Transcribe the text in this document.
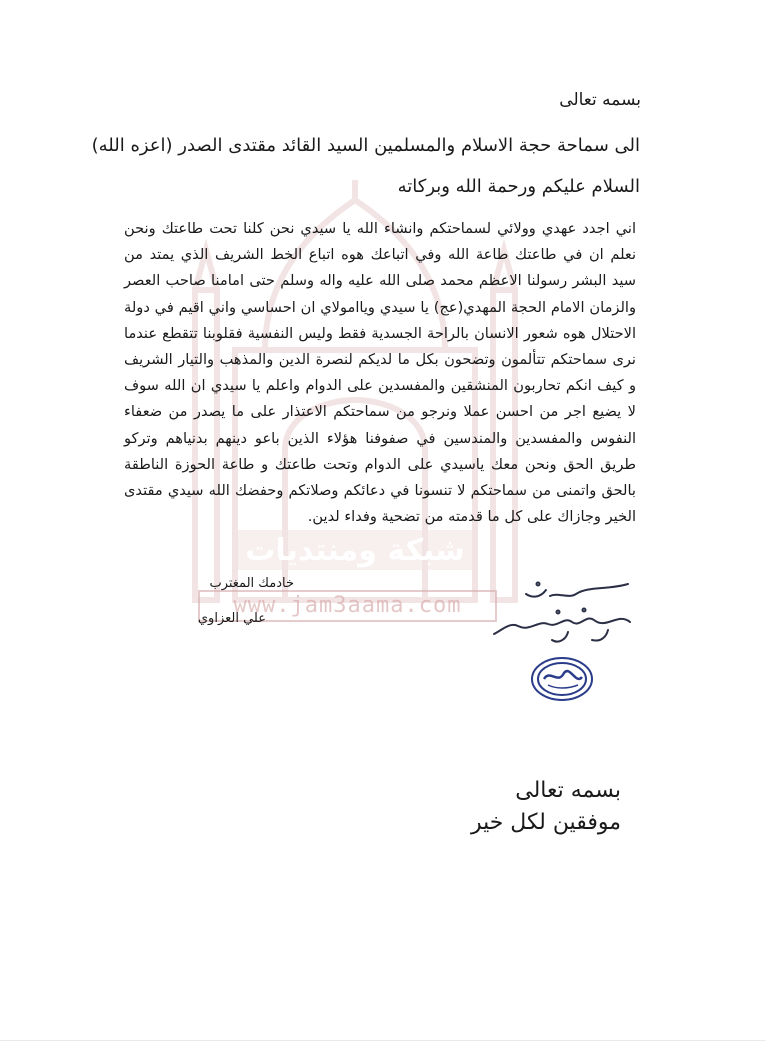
شبكة ومنتديات
www.jam3aama.com
بسمه تعالى
الى سماحة حجة الاسلام والمسلمين السيد القائد مقتدى الصدر (اعزه الله)
السلام عليكم ورحمة الله وبركاته
اني اجدد عهدي وولائي لسماحتكم وانشاء الله يا سيدي نحن كلنا تحت طاعتك ونحن نعلم ان في طاعتك طاعة الله وفي اتباعك هوه اتباع الخط الشريف الذي يمتد من سيد البشر رسولنا الاعظم محمد صلى الله عليه واله وسلم حتى امامنا صاحب العصر والزمان الامام الحجة المهدي(عج) يا سيدي وياامولاي ان احساسي واني اقيم في دولة الاحتلال هوه شعور الانسان بالراحة الجسدية فقط وليس النفسية فقلوبنا تتقطع عندما نرى سماحتكم تتألمون وتضحون بكل ما لديكم لنصرة الدين والمذهب والتيار الشريف و كيف انكم تحاربون المنشقين والمفسدين على الدوام واعلم يا سيدي ان الله سوف لا يضيع اجر من احسن عملا ونرجو من سماحتكم الاعتذار على ما يصدر من ضعفاء النفوس والمفسدين والمندسين في صفوفنا هؤلاء الذين باعو دينهم بدنياهم وتركو طريق الحق ونحن معك ياسيدي على الدوام وتحت طاعتك و طاعة الحوزة الناطقة بالحق واتمنى من سماحتكم لا تنسونا في دعائكم وصلاتكم وحفضك الله سيدي مقتدى الخير وجازاك على كل ما قدمته من تضحية وفداء لدين.
خادمك المغترب
علي العزاوي
بسمه تعالى
موفقين لكل خير
